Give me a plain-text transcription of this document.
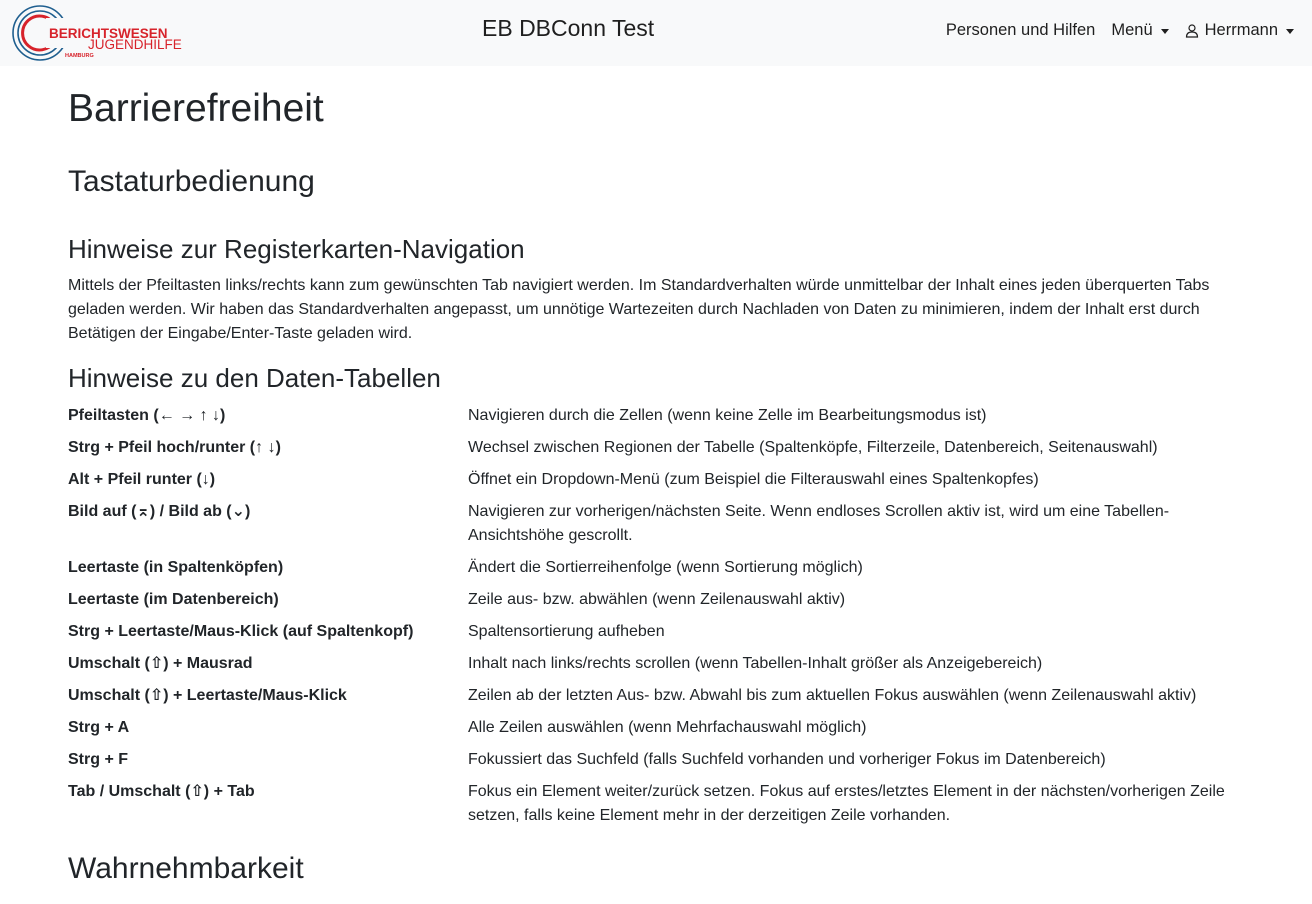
BERICHTSWESEN
JUGENDHILFE
HAMBURG
EB DBConn Test	Personen und Hilfen Menü	Herrmann
Barrierefreiheit
Tastaturbedienung
Hinweise zur Registerkarten-Navigation

Mittels der Pfeiltasten links/rechts kann zum gewünschten Tab navigiert werden. Im Standardverhalten würde unmittelbar der Inhalt eines jeden überquerten Tabs geladen werden. Wir haben das Standardverhalten angepasst, um unnötige Wartezeiten durch Nachladen von Daten zu minimieren, indem der Inhalt erst durch Betätigen der Eingabe/Enter-Taste geladen wird.

Hinweise zu den Daten-Tabellen
Pfeiltasten (← → ↑ ↓)	Navigieren durch die Zellen (wenn keine Zelle im Bearbeitungsmodus ist)
Strg + Pfeil hoch/runter (↑ ↓)	Wechsel zwischen Regionen der Tabelle (Spaltenköpfe, Filterzeile, Datenbereich, Seitenauswahl)
Alt + Pfeil runter (↓)	Öffnet ein Dropdown-Menü (zum Beispiel die Filterauswahl eines Spaltenkopfes)
Bild auf (⌅) / Bild ab (⌄)	Navigieren zur vorherigen/nächsten Seite. Wenn endloses Scrollen aktiv ist, wird um eine Tabellen-Ansichtshöhe gescrollt.
Leertaste (in Spaltenköpfen)	Ändert die Sortierreihenfolge (wenn Sortierung möglich)
Leertaste (im Datenbereich)	Zeile aus- bzw. abwählen (wenn Zeilenauswahl aktiv)
Strg + Leertaste/Maus-Klick (auf Spaltenkopf)	Spaltensortierung aufheben
Umschalt (⇧) + Mausrad	Inhalt nach links/rechts scrollen (wenn Tabellen-Inhalt größer als Anzeigebereich)
Umschalt (⇧) + Leertaste/Maus-Klick	Zeilen ab der letzten Aus- bzw. Abwahl bis zum aktuellen Fokus auswählen (wenn Zeilenauswahl aktiv)
Strg + A	Alle Zeilen auswählen (wenn Mehrfachauswahl möglich)
Strg + F	Fokussiert das Suchfeld (falls Suchfeld vorhanden und vorheriger Fokus im Datenbereich)
Tab / Umschalt (⇧) + Tab	Fokus ein Element weiter/zurück setzen. Fokus auf erstes/letztes Element in der nächsten/vorherigen Zeile setzen, falls keine Element mehr in der derzeitigen Zeile vorhanden.
Wahrnehmbarkeit
